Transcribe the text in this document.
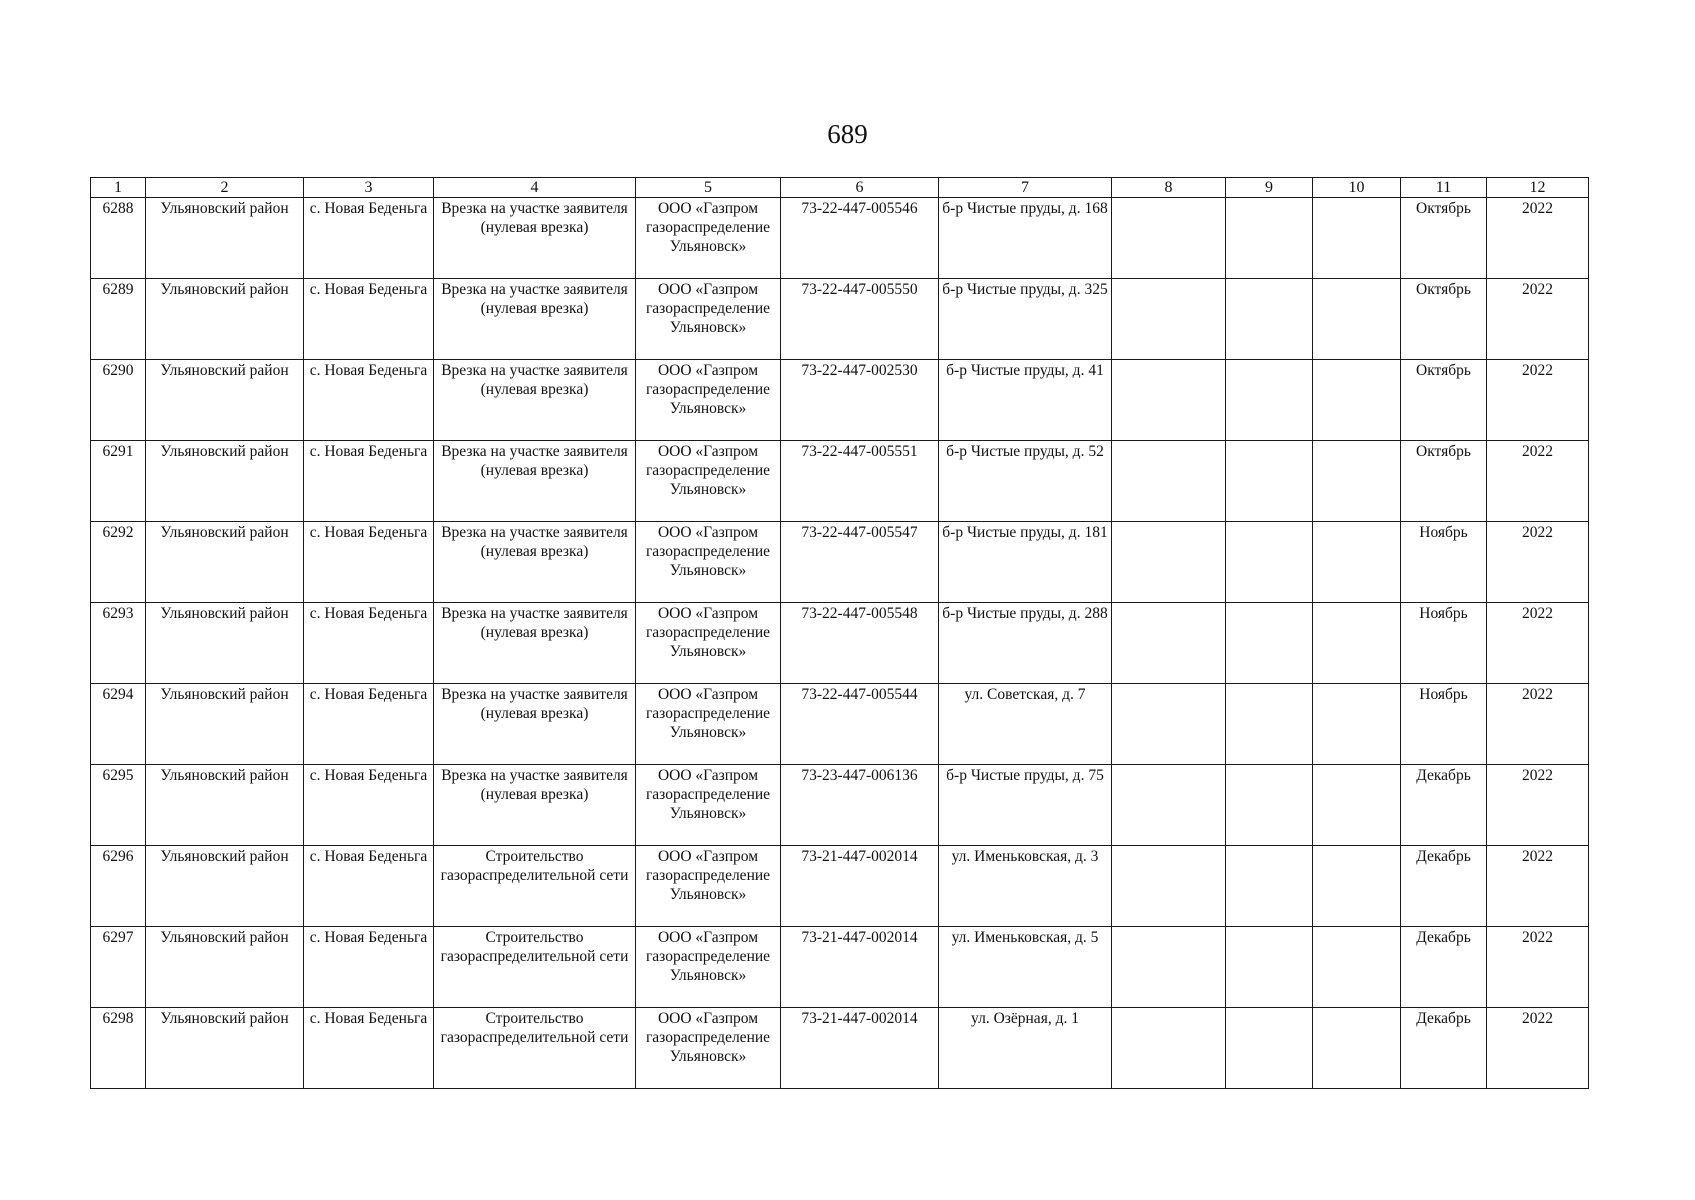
689
1	2	3	4	5	6	7	8	9	10	11	12
6288	Ульяновский район	с. Новая Беденьга	Врезка на участке заявителя (нулевая врезка)	ООО «Газпром газораспределение Ульяновск»	73-22-447-005546	б-р Чистые пруды, д. 168				Октябрь	2022
6289	Ульяновский район	с. Новая Беденьга	Врезка на участке заявителя (нулевая врезка)	ООО «Газпром газораспределение Ульяновск»	73-22-447-005550	б-р Чистые пруды, д. 325				Октябрь	2022
6290	Ульяновский район	с. Новая Беденьга	Врезка на участке заявителя (нулевая врезка)	ООО «Газпром газораспределение Ульяновск»	73-22-447-002530	б-р Чистые пруды, д. 41				Октябрь	2022
6291	Ульяновский район	с. Новая Беденьга	Врезка на участке заявителя (нулевая врезка)	ООО «Газпром газораспределение Ульяновск»	73-22-447-005551	б-р Чистые пруды, д. 52				Октябрь	2022
6292	Ульяновский район	с. Новая Беденьга	Врезка на участке заявителя (нулевая врезка)	ООО «Газпром газораспределение Ульяновск»	73-22-447-005547	б-р Чистые пруды, д. 181				Ноябрь	2022
6293	Ульяновский район	с. Новая Беденьга	Врезка на участке заявителя (нулевая врезка)	ООО «Газпром газораспределение Ульяновск»	73-22-447-005548	б-р Чистые пруды, д. 288				Ноябрь	2022
6294	Ульяновский район	с. Новая Беденьга	Врезка на участке заявителя (нулевая врезка)	ООО «Газпром газораспределение Ульяновск»	73-22-447-005544	ул. Советская, д. 7				Ноябрь	2022
6295	Ульяновский район	с. Новая Беденьга	Врезка на участке заявителя (нулевая врезка)	ООО «Газпром газораспределение Ульяновск»	73-23-447-006136	б-р Чистые пруды, д. 75				Декабрь	2022
6296	Ульяновский район	с. Новая Беденьга	Строительство газораспределительной сети	ООО «Газпром газораспределение Ульяновск»	73-21-447-002014	ул. Именьковская, д. 3				Декабрь	2022
6297	Ульяновский район	с. Новая Беденьга	Строительство газораспределительной сети	ООО «Газпром газораспределение Ульяновск»	73-21-447-002014	ул. Именьковская, д. 5				Декабрь	2022
6298	Ульяновский район	с. Новая Беденьга	Строительство газораспределительной сети	ООО «Газпром газораспределение Ульяновск»	73-21-447-002014	ул. Озёрная, д. 1				Декабрь	2022
